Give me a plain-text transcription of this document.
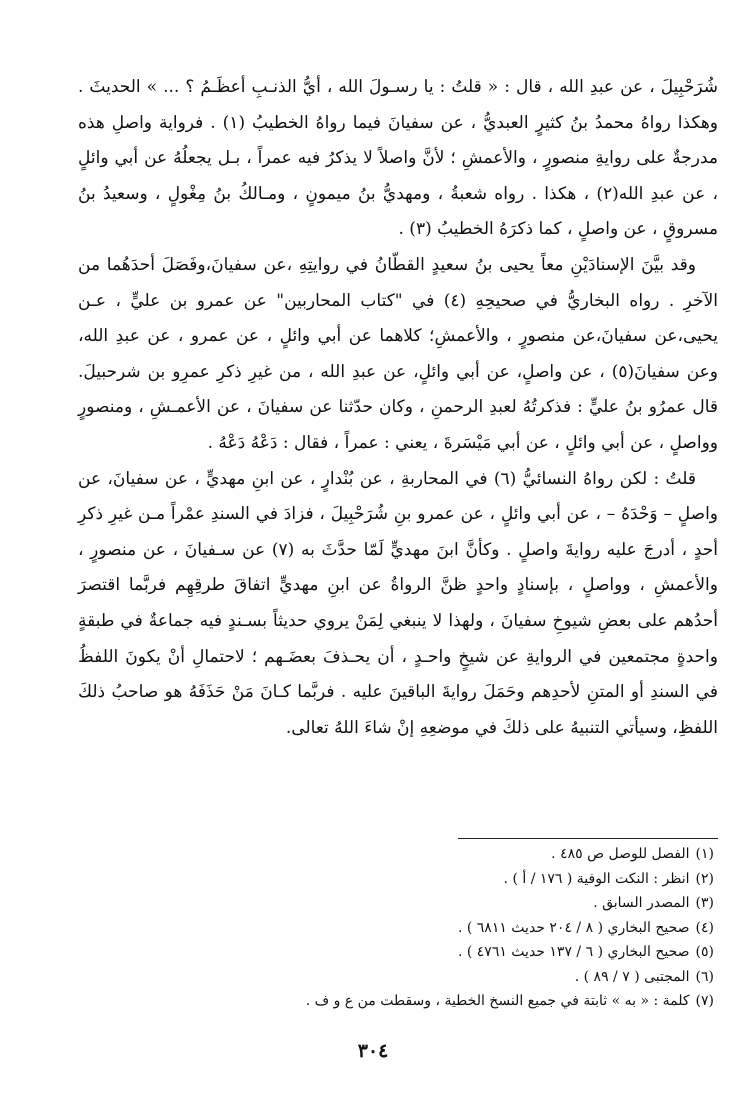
شُرَحْبِيلَ ، عن عبدِ الله ، قال : « قلتُ : يا رسـولَ الله ، أيُّ الذنـبِ أعظَـمُ ؟ ... » الحديثَ . وهكذا رواهُ محمدُ بنُ كثيرٍ العبديُّ ، عن سفيانَ فيما رواهُ الخطيبُ (١) . فرواية واصلِ هذه مدرجةٌ على روايةِ منصورٍ ، والأعمشِ ؛ لأنَّ واصلاً لا يذكرُ فيه عمراً ، بـل يجعلُهُ عن أبي وائلٍ ، عن عبدِ الله(٢) ، هكذا . رواه شعبةُ ، ومهديُّ بنُ ميمونٍ ، ومـالكُ بنُ مِغْولٍ ، وسعيدُ بنُ مسروقٍ ، عن واصلٍ ، كما ذكرَهُ الخطيبُ (٣) .

وقد بيَّنَ الإسنادَيْنِ معاً يحيى بنُ سعيدٍ القطّانُ في روايتِهِ ،عن سفيانَ،وفَصَلَ أحدَهُما من الآخرِ . رواه البخاريُّ في صحيحِهِ (٤) في "كتاب المحاربين" عن عمرو بن عليٍّ ، عـن يحيى،عن سفيانَ،عن منصورٍ ، والأعمشِ؛ كلاهما عن أبي وائلٍ ، عن عمرو ، عن عبدِ الله، وعن سفيانَ(٥) ، عن واصلٍ، عن أبي وائلٍ، عن عبدِ الله ، من غيرِ ذكرِ عمرِو بن شرحبيلَ. قال عمرُو بنُ عليٍّ : فذكرتُهُ لعبدِ الرحمنِ ، وكان حدّثنا عن سفيانَ ، عن الأعمـشِ ، ومنصورٍ وواصلٍ ، عن أبي وائلٍ ، عن أبي مَيْسَرةَ ، يعني : عمراً ، فقال : دَعْهُ دَعْهُ .

قلتُ : لكن رواهُ النسائيُّ (٦) في المحاربةِ ، عن بُنْدارٍ ، عن ابنِ مهديٍّ ، عن سفيانَ، عن واصلٍ – وَحْدَهُ – ، عن أبي وائلٍ ، عن عمرو بنِ شُرَحْبِيلَ ، فزادَ في السندِ عمْراً مـن غيرِ ذكرِ أحدٍ ، أدرجَ عليه روايةَ واصلٍ . وكأنَّ ابنَ مهديٍّ لَمّا حدَّثَ به (٧) عن سـفيانَ ، عن منصورٍ ، والأعمشِ ، وواصلٍ ، بإسنادٍ واحدٍ ظنَّ الرواةُ عن ابنِ مهديٍّ اتفاقَ طرقِهِم فربَّما اقتصرَ أحدُهم على بعضِ شيوخِ سفيانَ ، ولهذا لا ينبغي لِمَنْ يروي حديثاً بسـندٍ فيه جماعةٌ في طبقةٍ واحدةٍ مجتمعين في الروايةِ عن شيخٍ واحـدٍ ، أن يحـذفَ بعضَـهم ؛ لاحتمالِ أنْ يكونَ اللفظُ في السندِ أو المتنِ لأحدِهم وحَمَلَ روايةَ الباقينَ عليه . فربَّما كـانَ مَنْ حَذَفَهُ هو صاحبُ ذلكَ اللفظِ، وسيأتي التنبيهُ على ذلكَ في موضعِهِ إنْ شاءَ اللهُ تعالى.

(١)الفصل للوصل ص ٤٨٥ .

(٢)انظر : النكت الوفية ( ١٧٦ / أ ) .

(٣)المصدر السابق .

(٤)صحيح البخاري ( ٨ / ٢٠٤ حديث ٦٨١١ ) .

(٥)صحيح البخاري ( ٦ / ١٣٧ حديث ٤٧٦١ ) .

(٦)المجتبى ( ٧ / ٨٩ ) .

(٧)كلمة : « به » ثابتة في جميع النسخ الخطية ، وسقطت من ع و ف .

٣٠٤
